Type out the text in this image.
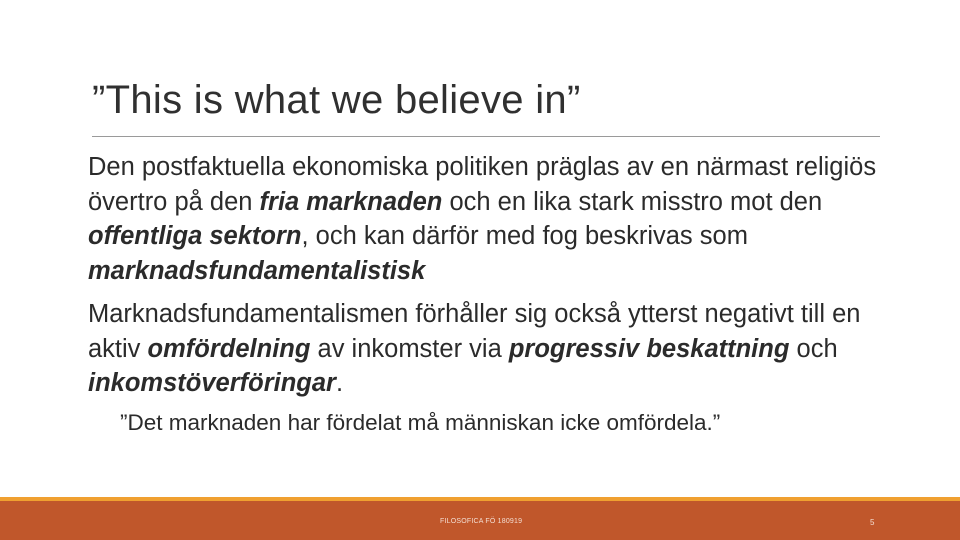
”This is what we believe in”

Den postfaktuella ekonomiska politiken präglas av en närmast religiös övertro på den fria marknaden och en lika stark misstro mot den offentliga sektorn, och kan därför med fog beskrivas som marknadsfundamentalistisk

Marknadsfundamentalismen förhåller sig också ytterst negativt till en aktiv omfördelning av inkomster via progressiv beskattning och inkomstöverföringar.

”Det marknaden har fördelat må människan icke omfördela.”
FILOSOFICA FÖ 180919	5
